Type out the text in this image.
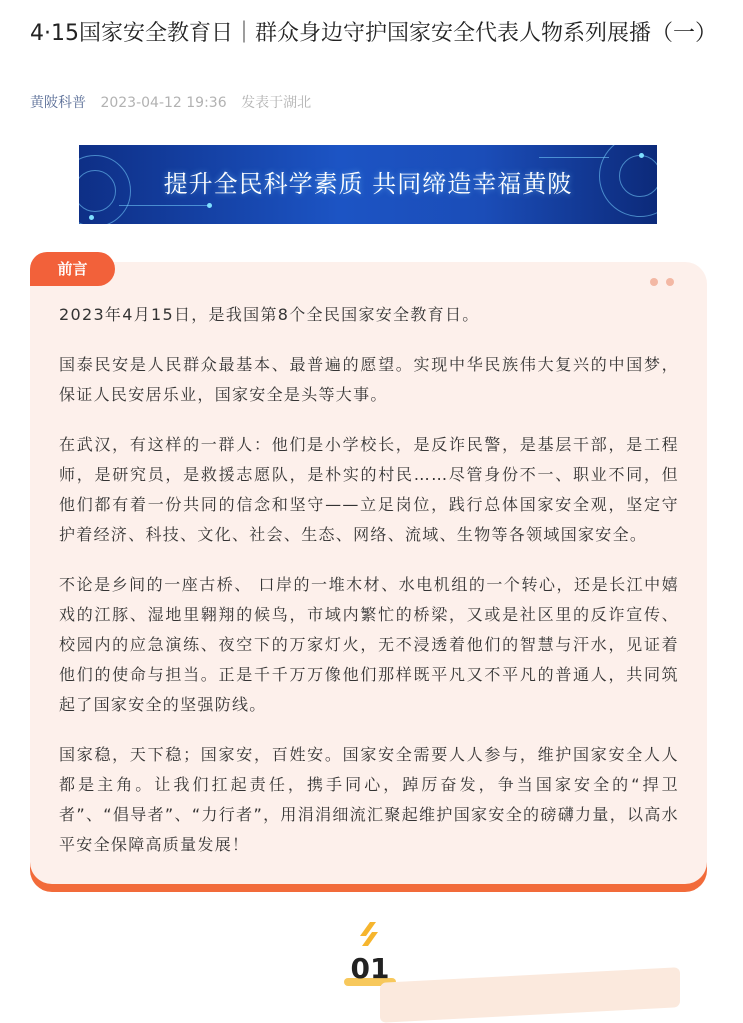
4·15国家安全教育日｜群众身边守护国家安全代表人物系列展播（一）
黄陂科普 2023-04-12 19:36 发表于湖北
提升全民科学素质 共同缔造幸福黄陂
前言

2023年4月15日，是我国第8个全民国家安全教育日。

国泰民安是人民群众最基本、最普遍的愿望。实现中华民族伟大复兴的中国梦，保证人民安居乐业，国家安全是头等大事。

在武汉，有这样的一群人：他们是小学校长，是反诈民警，是基层干部，是工程师，是研究员，是救援志愿队，是朴实的村民……尽管身份不一、职业不同，但他们都有着一份共同的信念和坚守——立足岗位，践行总体国家安全观，坚定守护着经济、科技、文化、社会、生态、网络、流域、生物等各领域国家安全。

不论是乡间的一座古桥、 口岸的一堆木材、水电机组的一个转心，还是长江中嬉戏的江豚、湿地里翱翔的候鸟，市域内繁忙的桥梁，又或是社区里的反诈宣传、校园内的应急演练、夜空下的万家灯火，无不浸透着他们的智慧与汗水，见证着他们的使命与担当。正是千千万万像他们那样既平凡又不平凡的普通人，共同筑起了国家安全的坚强防线。

国家稳，天下稳；国家安，百姓安。国家安全需要人人参与，维护国家安全人人都是主角。让我们扛起责任，携手同心，踔厉奋发，争当国家安全的“捍卫者”、“倡导者”、“力行者”，用涓涓细流汇聚起维护国家安全的磅礴力量，以高水平安全保障高质量发展！

01
